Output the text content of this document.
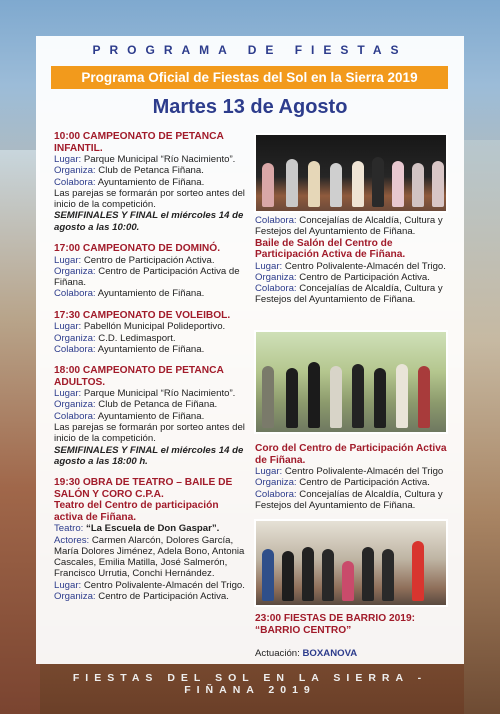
PROGRAMA DE FIESTAS
Programa Oficial de Fiestas del Sol en la Sierra 2019
Martes 13 de Agosto
10:00 CAMPEONATO DE PETANCA INFANTIL.
Lugar: Parque Municipal “Río Nacimiento”.
Organiza: Club de Petanca Fiñana.
Colabora: Ayuntamiento de Fiñana.
Las parejas se formarán por sorteo antes del inicio de la competición.
SEMIFINALES Y FINAL el miércoles 14 de agosto a las 10:00.
17:00 CAMPEONATO DE DOMINÓ.
Lugar: Centro de Participación Activa.
Organiza: Centro de Participación Activa de Fiñana.
Colabora: Ayuntamiento de Fiñana.
17:30 CAMPEONATO DE VOLEIBOL.
Lugar: Pabellón Municipal Polideportivo.
Organiza: C.D. Ledimasport.
Colabora: Ayuntamiento de Fiñana.
18:00 CAMPEONATO DE PETANCA ADULTOS.
Lugar: Parque Municipal “Río Nacimiento”.
Organiza: Club de Petanca de Fiñana.
Colabora: Ayuntamiento de Fiñana.
Las parejas se formarán por sorteo antes del inicio de la competición.
SEMIFINALES Y FINAL el miércoles 14 de agosto a las 18:00 h.
19:30 OBRA DE TEATRO – BAILE DE SALÓN Y CORO C.P.A.
Teatro del Centro de participación activa de Fiñana.
Teatro: “La Escuela de Don Gaspar”.
Actores: Carmen Alarcón, Dolores García, María Dolores Jiménez, Adela Bono, Antonia Cascales, Emilia Matilla, José Salmerón, Francisco Urrutia, Conchi Hernández.
Lugar: Centro Polivalente-Almacén del Trigo.
Organiza: Centro de Participación Activa.
Colabora: Concejalías de Alcaldía, Cultura y Festejos del Ayuntamiento de Fiñana.
Baile de Salón del Centro de Participación Activa de Fiñana.
Lugar: Centro Polivalente-Almacén del Trigo.
Organiza: Centro de Participación Activa.
Colabora: Concejalías de Alcaldía, Cultura y Festejos del Ayuntamiento de Fiñana.
Coro del Centro de Participación Activa de Fiñana.
Lugar: Centro Polivalente-Almacén del Trigo
Organiza: Centro de Participación Activa.
Colabora: Concejalías de Alcaldía, Cultura y Festejos del Ayuntamiento de Fiñana.
23:00 FIESTAS DE BARRIO 2019: “BARRIO CENTRO”
Actuación: BOXANOVA
FIESTAS DEL SOL EN LA SIERRA - FIÑANA 2019
